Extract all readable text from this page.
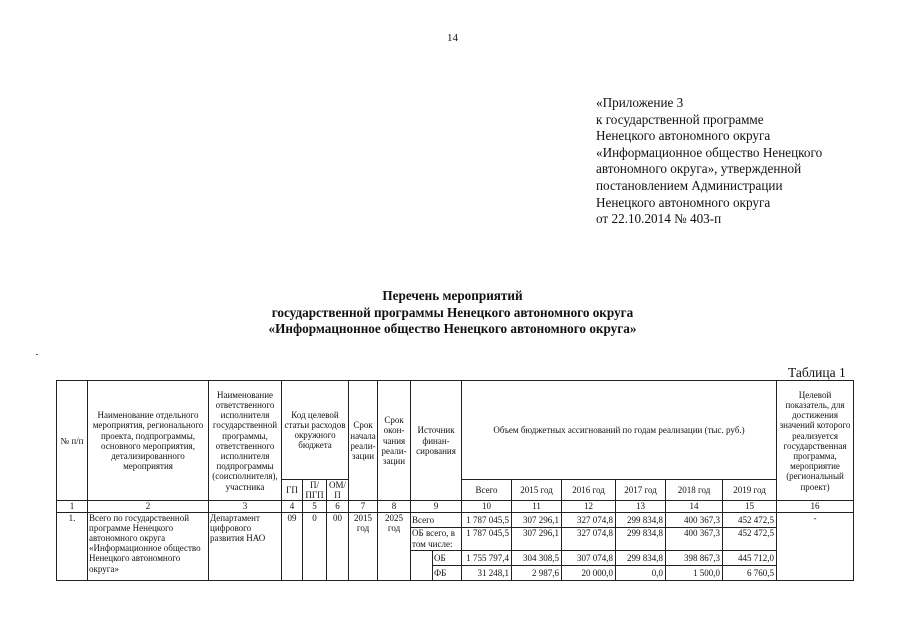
14
«Приложение 3
к государственной программе
Ненецкого автономного округа
«Информационное общество Ненецкого
автономного округа», утвержденной
постановлением Администрации
Ненецкого автономного округа
от 22.10.2014 № 403-п
Перечень мероприятий
государственной программы Ненецкого автономного округа
«Информацнонное общество Ненецкого автономного округа»
Таблица 1
№ п/п	Наименование отдельного мероприятия, регионального проекта, подпрограммы, основного мероприятия, детализированного мероприятия	Наименование ответственного исполнителя государственной программы, ответственного исполнителя подпрограммы (соисполнителя), участника	Код целевой статьи расходов окружного бюджета			Срок начала реали- зации	Срок окон- чания реали- зации	Источник финан- сирования		Объем бюджетных ассигнований по годам реализации (тыс. руб.)						Целевой показатель, для достижения значений которого реализуется государственная программа, мероприятие (региональный проект)
			ГП	П/ ПГП	ОМ/ П					Всего	2015 год	2016 год	2017 год	2018 год	2019 год	
1	2	3	4	5	6	7	8	9		10	11	12	13	14	15	16
1.	Всего по государственной программе Ненецкого автономного округа «Информационное общество Ненецкого автономного округа»	Департамент цифрового развития НАО	09	0	00	2015 год	2025 год	Всего		1 787 045,5	307 296,1	327 074,8	299 834,8	400 367,3	452 472,5	-
								ОБ всего, в том числе:		1 787 045,5	307 296,1	327 074,8	299 834,8	400 367,3	452 472,5	
									ОБ	1 755 797,4	304 308,5	307 074,8	299 834,8	398 867,3	445 712,0	
									ФБ	31 248,1	2 987,6	20 000,0	0,0	1 500,0	6 760,5	
